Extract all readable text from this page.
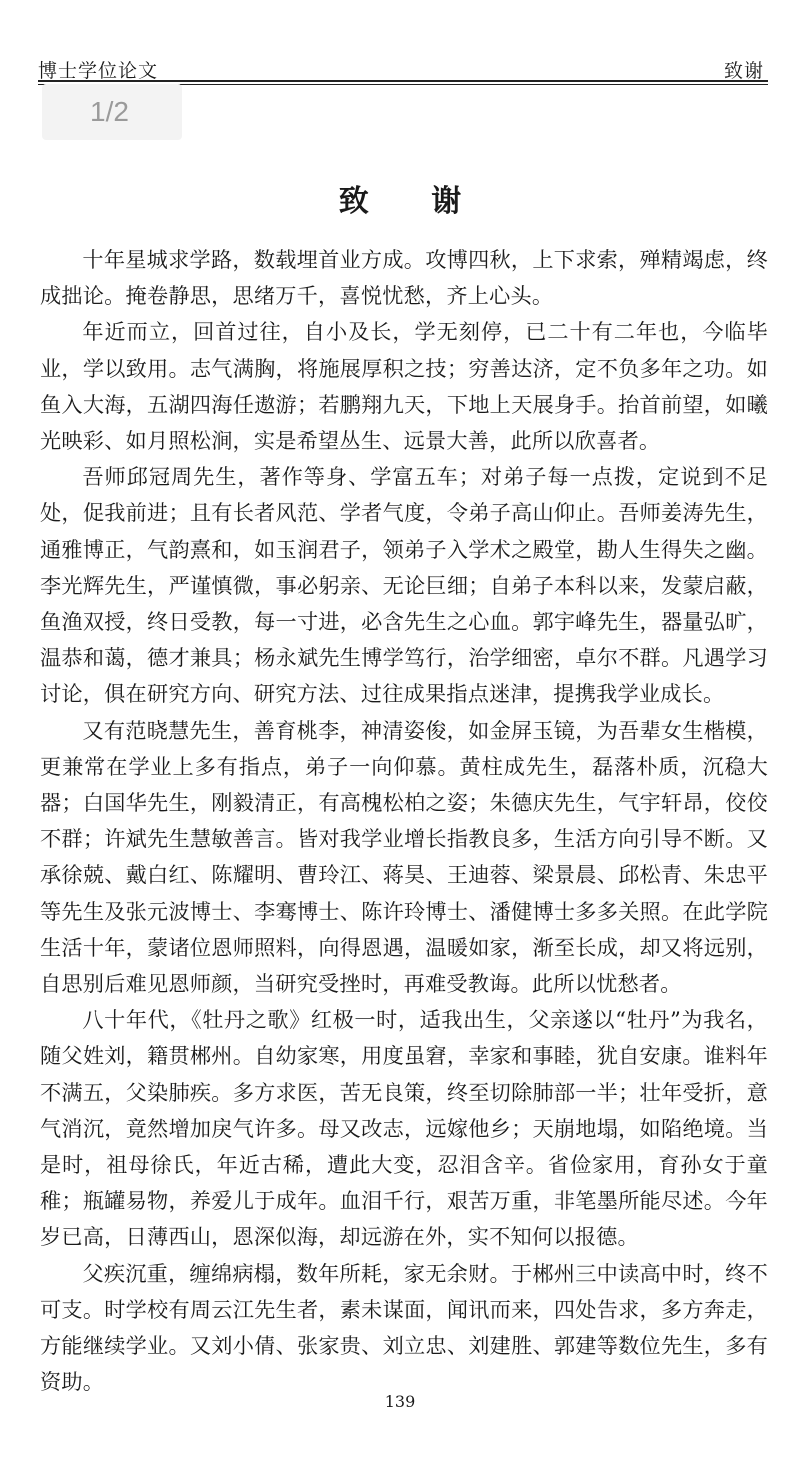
博士学位论文	致谢
1/2
致 谢

十年星城求学路，数载埋首业方成。攻博四秋，上下求索，殚精竭虑，终成拙论。掩卷静思，思绪万千，喜悦忧愁，齐上心头。

年近而立，回首过往，自小及长，学无刻停，已二十有二年也，今临毕业，学以致用。志气满胸，将施展厚积之技；穷善达济，定不负多年之功。如鱼入大海，五湖四海任遨游；若鹏翔九天，下地上天展身手。抬首前望，如曦光映彩、如月照松涧，实是希望丛生、远景大善，此所以欣喜者。

吾师邱冠周先生，著作等身、学富五车；对弟子每一点拨，定说到不足处，促我前进；且有长者风范、学者气度，令弟子高山仰止。吾师姜涛先生，通雅博正，气韵熹和，如玉润君子，领弟子入学术之殿堂，勘人生得失之幽。李光辉先生，严谨慎微，事必躬亲、无论巨细；自弟子本科以来，发蒙启蔽，鱼渔双授，终日受教，每一寸进，必含先生之心血。郭宇峰先生，器量弘旷，温恭和蔼，德才兼具；杨永斌先生博学笃行，治学细密，卓尔不群。凡遇学习讨论，俱在研究方向、研究方法、过往成果指点迷津，提携我学业成长。

又有范晓慧先生，善育桃李，神清姿俊，如金屏玉镜，为吾辈女生楷模，更兼常在学业上多有指点，弟子一向仰慕。黄柱成先生，磊落朴质，沉稳大器；白国华先生，刚毅清正，有高槐松柏之姿；朱德庆先生，气宇轩昂，佼佼不群；许斌先生慧敏善言。皆对我学业增长指教良多，生活方向引导不断。又承徐兢、戴白红、陈耀明、曹玲江、蒋昊、王迪蓉、梁景晨、邱松青、朱忠平等先生及张元波博士、李骞博士、陈许玲博士、潘健博士多多关照。在此学院生活十年，蒙诸位恩师照料，向得恩遇，温暖如家，渐至长成，却又将远别，自思别后难见恩师颜，当研究受挫时，再难受教诲。此所以忧愁者。

八十年代，《牡丹之歌》红极一时，适我出生，父亲遂以“牡丹”为我名，随父姓刘，籍贯郴州。自幼家寒，用度虽窘，幸家和事睦，犹自安康。谁料年不满五，父染肺疾。多方求医，苦无良策，终至切除肺部一半；壮年受折，意气消沉，竟然增加戾气许多。母又改志，远嫁他乡；天崩地塌，如陷绝境。当是时，祖母徐氏，年近古稀，遭此大变，忍泪含辛。省俭家用，育孙女于童稚；瓶罐易物，养爱儿于成年。血泪千行，艰苦万重，非笔墨所能尽述。今年岁已高，日薄西山，恩深似海，却远游在外，实不知何以报德。

父疾沉重，缠绵病榻，数年所耗，家无余财。于郴州三中读高中时，终不可支。时学校有周云江先生者，素未谋面，闻讯而来，四处告求，多方奔走，方能继续学业。又刘小倩、张家贵、刘立忠、刘建胜、郭建等数位先生，多有资助。

139
